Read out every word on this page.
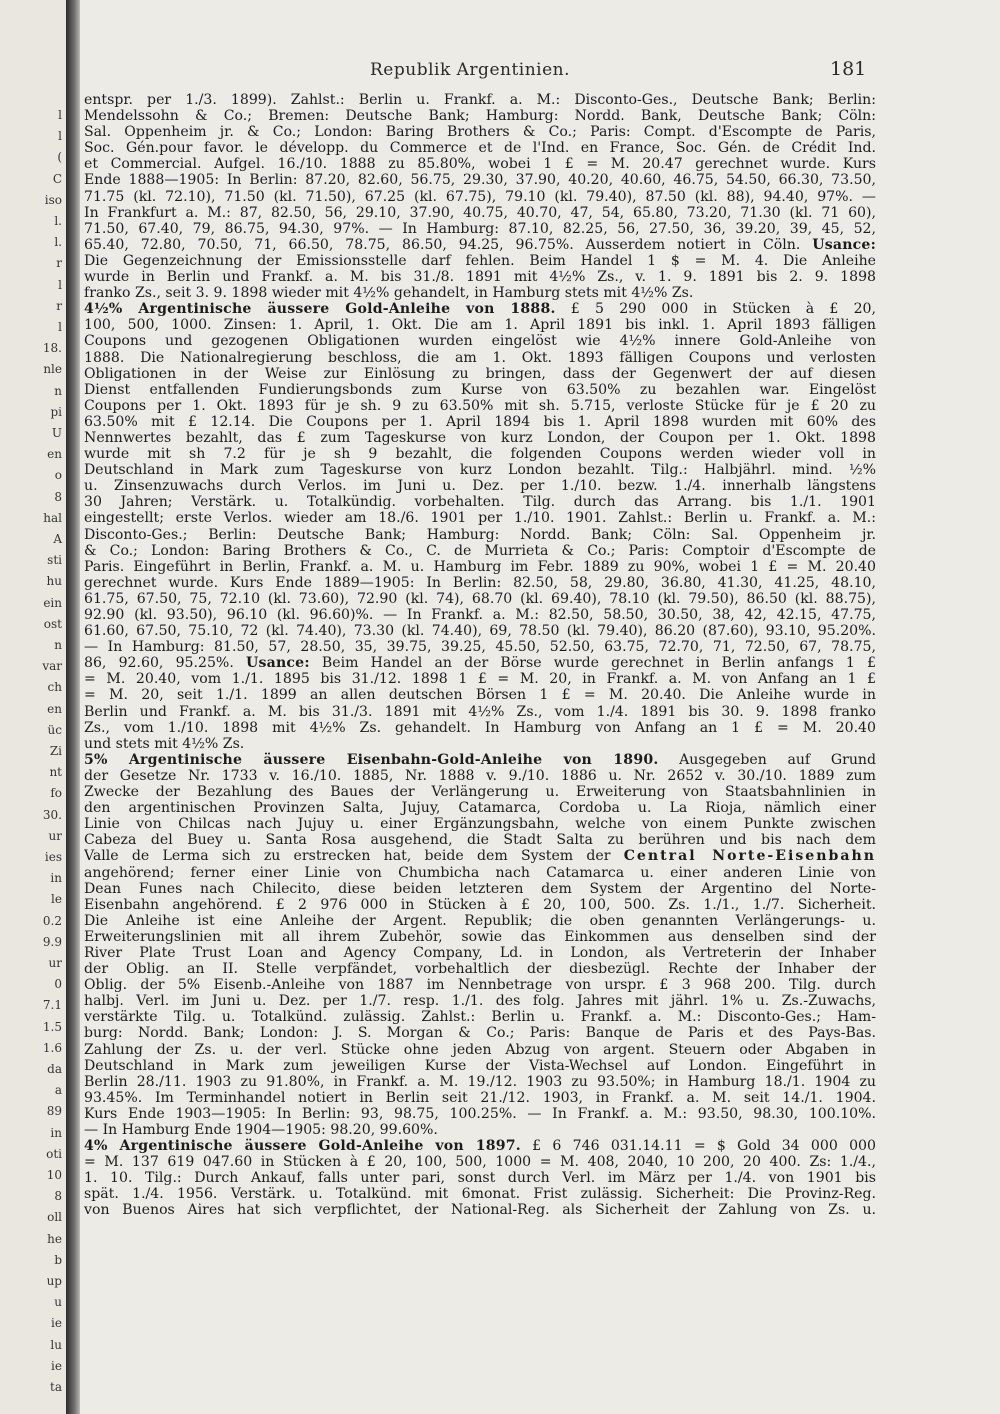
l
l
(
C
iso
l.
l.
r
l
r
l
18.
nle
n
pi
U
en
o
8
hal
A
sti
hu
ein
ost
n
var
ch
en
üc
Zi
nt
fo
30.
ur
ies
in
le
0.2
9.9
ur
0
7.1
1.5
1.6
da
a
89
in
oti
10
8
oll
he
b
up
u
ie
lu
ie
ta
Republik Argentinien.	181
entspr. per 1./3. 1899). Zahlst.: Berlin u. Frankf. a. M.: Disconto-Ges., Deutsche Bank; Berlin:
Mendelssohn & Co.; Bremen: Deutsche Bank; Hamburg: Nordd. Bank, Deutsche Bank; Cöln:
Sal. Oppenheim jr. & Co.; London: Baring Brothers & Co.; Paris: Compt. d'Escompte de Paris,
Soc. Gén.pour favor. le développ. du Commerce et de l'Ind. en France, Soc. Gén. de Crédit Ind.
et Commercial. Aufgel. 16./10. 1888 zu 85.80%, wobei 1 £ = M. 20.47 gerechnet wurde. Kurs
Ende 1888—1905: In Berlin: 87.20, 82.60, 56.75, 29.30, 37.90, 40.20, 40.60, 46.75, 54.50, 66.30, 73.50,
71.75 (kl. 72.10), 71.50 (kl. 71.50), 67.25 (kl. 67.75), 79.10 (kl. 79.40), 87.50 (kl. 88), 94.40, 97%. —
In Frankfurt a. M.: 87, 82.50, 56, 29.10, 37.90, 40.75, 40.70, 47, 54, 65.80, 73.20, 71.30 (kl. 71 60),
71.50, 67.40, 79, 86.75, 94.30, 97%. — In Hamburg: 87.10, 82.25, 56, 27.50, 36, 39.20, 39, 45, 52,
65.40, 72.80, 70.50, 71, 66.50, 78.75, 86.50, 94.25, 96.75%. Ausserdem notiert in Cöln. Usance:
Die Gegenzeichnung der Emissionsstelle darf fehlen. Beim Handel 1 $ = M. 4. Die Anleihe
wurde in Berlin und Frankf. a. M. bis 31./8. 1891 mit 4½% Zs., v. 1. 9. 1891 bis 2. 9. 1898
franko Zs., seit 3. 9. 1898 wieder mit 4½% gehandelt, in Hamburg stets mit 4½% Zs.
4½% Argentinische äussere Gold-Anleihe von 1888. £ 5 290 000 in Stücken à £ 20,
100, 500, 1000. Zinsen: 1. April, 1. Okt. Die am 1. April 1891 bis inkl. 1. April 1893 fälligen
Coupons und gezogenen Obligationen wurden eingelöst wie 4½% innere Gold-Anleihe von
1888. Die Nationalregierung beschloss, die am 1. Okt. 1893 fälligen Coupons und verlosten
Obligationen in der Weise zur Einlösung zu bringen, dass der Gegenwert der auf diesen
Dienst entfallenden Fundierungsbonds zum Kurse von 63.50% zu bezahlen war. Eingelöst
Coupons per 1. Okt. 1893 für je sh. 9 zu 63.50% mit sh. 5.715, verloste Stücke für je £ 20 zu
63.50% mit £ 12.14. Die Coupons per 1. April 1894 bis 1. April 1898 wurden mit 60% des
Nennwertes bezahlt, das £ zum Tageskurse von kurz London, der Coupon per 1. Okt. 1898
wurde mit sh 7.2 für je sh 9 bezahlt, die folgenden Coupons werden wieder voll in
Deutschland in Mark zum Tageskurse von kurz London bezahlt. Tilg.: Halbjährl. mind. ½%
u. Zinsenzuwachs durch Verlos. im Juni u. Dez. per 1./10. bezw. 1./4. innerhalb längstens
30 Jahren; Verstärk. u. Totalkündig. vorbehalten. Tilg. durch das Arrang. bis 1./1. 1901
eingestellt; erste Verlos. wieder am 18./6. 1901 per 1./10. 1901. Zahlst.: Berlin u. Frankf. a. M.:
Disconto-Ges.; Berlin: Deutsche Bank; Hamburg: Nordd. Bank; Cöln: Sal. Oppenheim jr.
& Co.; London: Baring Brothers & Co., C. de Murrieta & Co.; Paris: Comptoir d'Escompte de
Paris. Eingeführt in Berlin, Frankf. a. M. u. Hamburg im Febr. 1889 zu 90%, wobei 1 £ = M. 20.40
gerechnet wurde. Kurs Ende 1889—1905: In Berlin: 82.50, 58, 29.80, 36.80, 41.30, 41.25, 48.10,
61.75, 67.50, 75, 72.10 (kl. 73.60), 72.90 (kl. 74), 68.70 (kl. 69.40), 78.10 (kl. 79.50), 86.50 (kl. 88.75),
92.90 (kl. 93.50), 96.10 (kl. 96.60)%. — In Frankf. a. M.: 82.50, 58.50, 30.50, 38, 42, 42.15, 47.75,
61.60, 67.50, 75.10, 72 (kl. 74.40), 73.30 (kl. 74.40), 69, 78.50 (kl. 79.40), 86.20 (87.60), 93.10, 95.20%.
— In Hamburg: 81.50, 57, 28.50, 35, 39.75, 39.25, 45.50, 52.50, 63.75, 72.70, 71, 72.50, 67, 78.75,
86, 92.60, 95.25%. Usance: Beim Handel an der Börse wurde gerechnet in Berlin anfangs 1 £
= M. 20.40, vom 1./1. 1895 bis 31./12. 1898 1 £ = M. 20, in Frankf. a. M. von Anfang an 1 £
= M. 20, seit 1./1. 1899 an allen deutschen Börsen 1 £ = M. 20.40. Die Anleihe wurde in
Berlin und Frankf. a. M. bis 31./3. 1891 mit 4½% Zs., vom 1./4. 1891 bis 30. 9. 1898 franko
Zs., vom 1./10. 1898 mit 4½% Zs. gehandelt. In Hamburg von Anfang an 1 £ = M. 20.40
und stets mit 4½% Zs.
5% Argentinische äussere Eisenbahn-Gold-Anleihe von 1890. Ausgegeben auf Grund
der Gesetze Nr. 1733 v. 16./10. 1885, Nr. 1888 v. 9./10. 1886 u. Nr. 2652 v. 30./10. 1889 zum
Zwecke der Bezahlung des Baues der Verlängerung u. Erweiterung von Staatsbahnlinien in
den argentinischen Provinzen Salta, Jujuy, Catamarca, Cordoba u. La Rioja, nämlich einer
Linie von Chilcas nach Jujuy u. einer Ergänzungsbahn, welche von einem Punkte zwischen
Cabeza del Buey u. Santa Rosa ausgehend, die Stadt Salta zu berühren und bis nach dem
Valle de Lerma sich zu erstrecken hat, beide dem System der Central Norte-Eisenbahn
angehörend; ferner einer Linie von Chumbicha nach Catamarca u. einer anderen Linie von
Dean Funes nach Chilecito, diese beiden letzteren dem System der Argentino del Norte-
Eisenbahn angehörend. £ 2 976 000 in Stücken à £ 20, 100, 500. Zs. 1./1., 1./7. Sicherheit.
Die Anleihe ist eine Anleihe der Argent. Republik; die oben genannten Verlängerungs- u.
Erweiterungslinien mit all ihrem Zubehör, sowie das Einkommen aus denselben sind der
River Plate Trust Loan and Agency Company, Ld. in London, als Vertreterin der Inhaber
der Oblig. an II. Stelle verpfändet, vorbehaltlich der diesbezügl. Rechte der Inhaber der
Oblig. der 5% Eisenb.-Anleihe von 1887 im Nennbetrage von urspr. £ 3 968 200. Tilg. durch
halbj. Verl. im Juni u. Dez. per 1./7. resp. 1./1. des folg. Jahres mit jährl. 1% u. Zs.-Zuwachs,
verstärkte Tilg. u. Totalkünd. zulässig. Zahlst.: Berlin u. Frankf. a. M.: Disconto-Ges.; Ham-
burg: Nordd. Bank; London: J. S. Morgan & Co.; Paris: Banque de Paris et des Pays-Bas.
Zahlung der Zs. u. der verl. Stücke ohne jeden Abzug von argent. Steuern oder Abgaben in
Deutschland in Mark zum jeweiligen Kurse der Vista-Wechsel auf London. Eingeführt in
Berlin 28./11. 1903 zu 91.80%, in Frankf. a. M. 19./12. 1903 zu 93.50%; in Hamburg 18./1. 1904 zu
93.45%. Im Terminhandel notiert in Berlin seit 21./12. 1903, in Frankf. a. M. seit 14./1. 1904.
Kurs Ende 1903—1905: In Berlin: 93, 98.75, 100.25%. — In Frankf. a. M.: 93.50, 98.30, 100.10%.
— In Hamburg Ende 1904—1905: 98.20, 99.60%.
4% Argentinische äussere Gold-Anleihe von 1897. £ 6 746 031.14.11 = $ Gold 34 000 000
= M. 137 619 047.60 in Stücken à £ 20, 100, 500, 1000 = M. 408, 2040, 10 200, 20 400. Zs: 1./4.,
1. 10. Tilg.: Durch Ankauf, falls unter pari, sonst durch Verl. im März per 1./4. von 1901 bis
spät. 1./4. 1956. Verstärk. u. Totalkünd. mit 6monat. Frist zulässig. Sicherheit: Die Provinz-Reg.
von Buenos Aires hat sich verpflichtet, der National-Reg. als Sicherheit der Zahlung von Zs. u.
